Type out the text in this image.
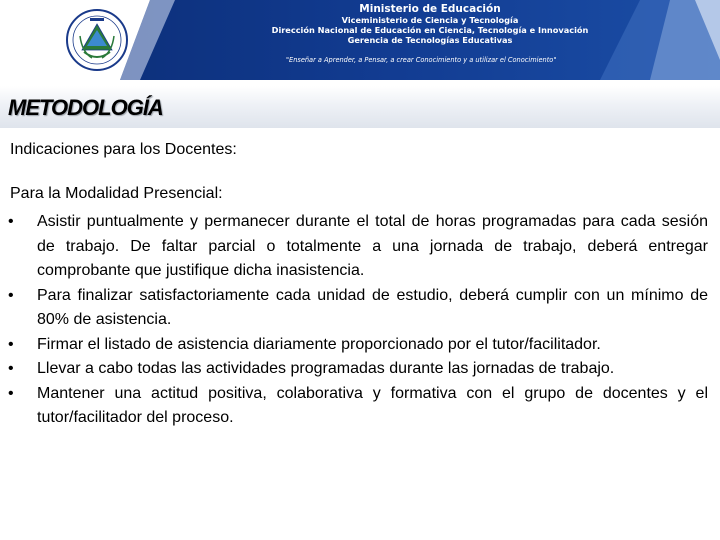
Ministerio de Educación
Viceministerio de Ciencia y Tecnología
Dirección Nacional de Educación en Ciencia, Tecnología e Innovación
Gerencia de Tecnologías Educativas
"Enseñar a Aprender, a Pensar, a crear Conocimiento y a utilizar el Conocimiento"
METODOLOGÍA
Indicaciones para los Docentes:
Para la Modalidad Presencial:
•	Asistir puntualmente y permanecer durante el total de horas programadas para cada sesión de trabajo. De faltar parcial o totalmente a una jornada de trabajo, deberá entregar comprobante que justifique dicha inasistencia.
•	Para finalizar satisfactoriamente cada unidad de estudio, deberá cumplir con un mínimo de 80% de asistencia.
•	Firmar el listado de asistencia diariamente proporcionado por el tutor/facilitador.
•	Llevar a cabo todas las actividades programadas durante las jornadas de trabajo.
•	Mantener una actitud positiva, colaborativa y formativa con el grupo de docentes y el tutor/facilitador del proceso.
